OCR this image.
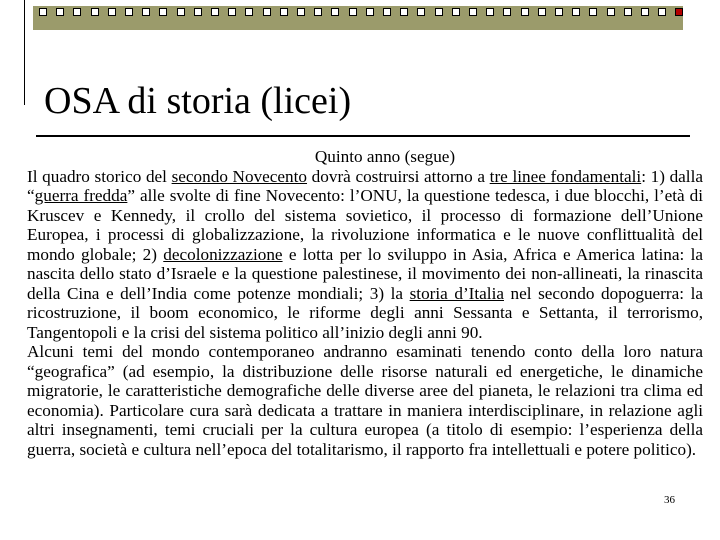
OSA di storia (licei)

Quinto anno (segue)

Il quadro storico del secondo Novecento dovrà costruirsi attorno a tre linee fondamentali: 1) dalla “guerra fredda” alle svolte di fine Novecento: l’ONU, la questione tedesca, i due blocchi, l’età di Kruscev e Kennedy, il crollo del sistema sovietico, il processo di formazione dell’Unione Europea, i processi di globalizzazione, la rivoluzione informatica e le nuove conflittualità del mondo globale; 2) decolonizzazione e lotta per lo sviluppo in Asia, Africa e America latina: la nascita dello stato d’Israele e la questione palestinese, il movimento dei non-allineati, la rinascita della Cina e dell’India come potenze mondiali; 3) la storia d’Italia nel secondo dopoguerra: la ricostruzione, il boom economico, le riforme degli anni Sessanta e Settanta, il terrorismo, Tangentopoli e la crisi del sistema politico all’inizio degli anni 90.

Alcuni temi del mondo contemporaneo andranno esaminati tenendo conto della loro natura “geografica” (ad esempio, la distribuzione delle risorse naturali ed energetiche, le dinamiche migratorie, le caratteristiche demografiche delle diverse aree del pianeta, le relazioni tra clima ed economia). Particolare cura sarà dedicata a trattare in maniera interdisciplinare, in relazione agli altri insegnamenti, temi cruciali per la cultura europea (a titolo di esempio: l’esperienza della guerra, società e cultura nell’epoca del totalitarismo, il rapporto fra intellettuali e potere politico).

36
